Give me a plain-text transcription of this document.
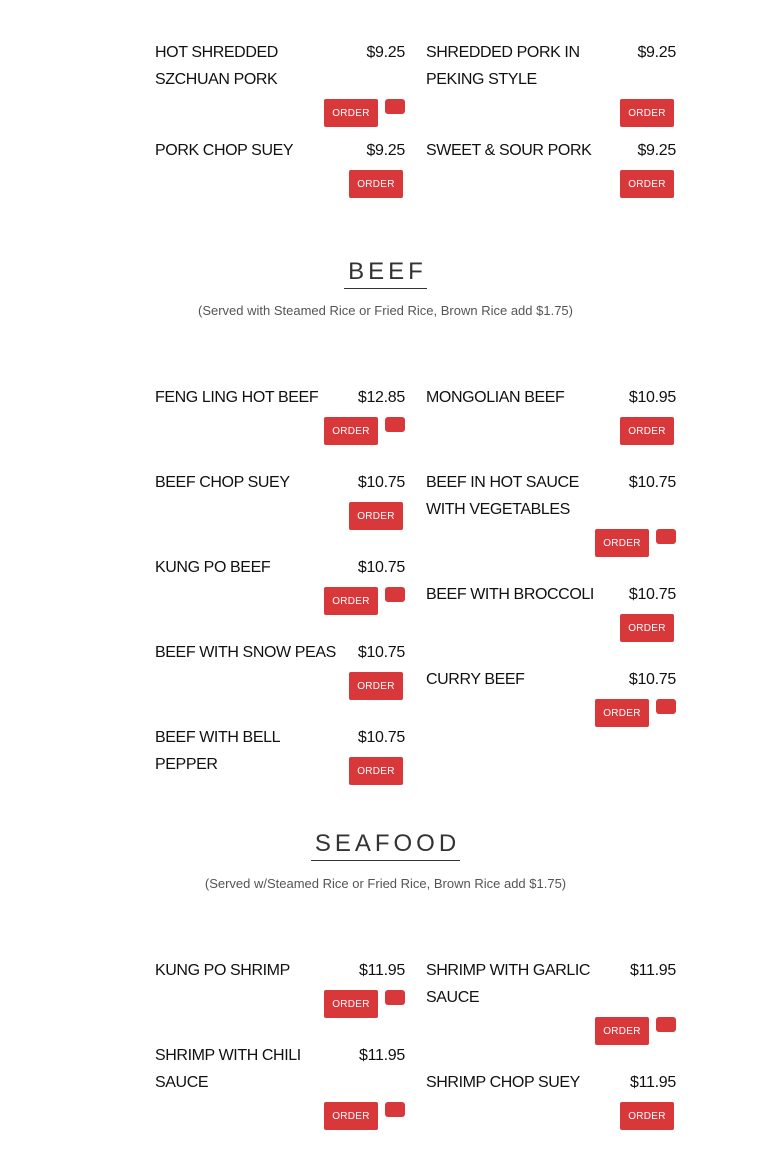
HOT SHREDDED SZCHUAN PORK
$9.25
ORDER
PORK CHOP SUEY	$9.25
ORDER
SHREDDED PORK IN PEKING STYLE
$9.25
ORDER
SWEET & SOUR PORK	$9.25
ORDER
BEEF
(Served with Steamed Rice or Fried Rice, Brown Rice add $1.75)
FENG LING HOT BEEF	$12.85
ORDER
BEEF CHOP SUEY	$10.75
ORDER
KUNG PO BEEF	$10.75
ORDER
BEEF WITH SNOW PEAS	$10.75
ORDER
BEEF WITH BELL PEPPER
$10.75
ORDER
MONGOLIAN BEEF	$10.95
ORDER
BEEF IN HOT SAUCE WITH VEGETABLES
$10.75
ORDER
BEEF WITH BROCCOLI	$10.75
ORDER
CURRY BEEF	$10.75
ORDER
SEAFOOD
(Served w/Steamed Rice or Fried Rice, Brown Rice add $1.75)
KUNG PO SHRIMP	$11.95
ORDER
SHRIMP WITH CHILI SAUCE
$11.95
ORDER
SHRIMP WITH GARLIC SAUCE
$11.95
ORDER
SHRIMP CHOP SUEY	$11.95
ORDER
